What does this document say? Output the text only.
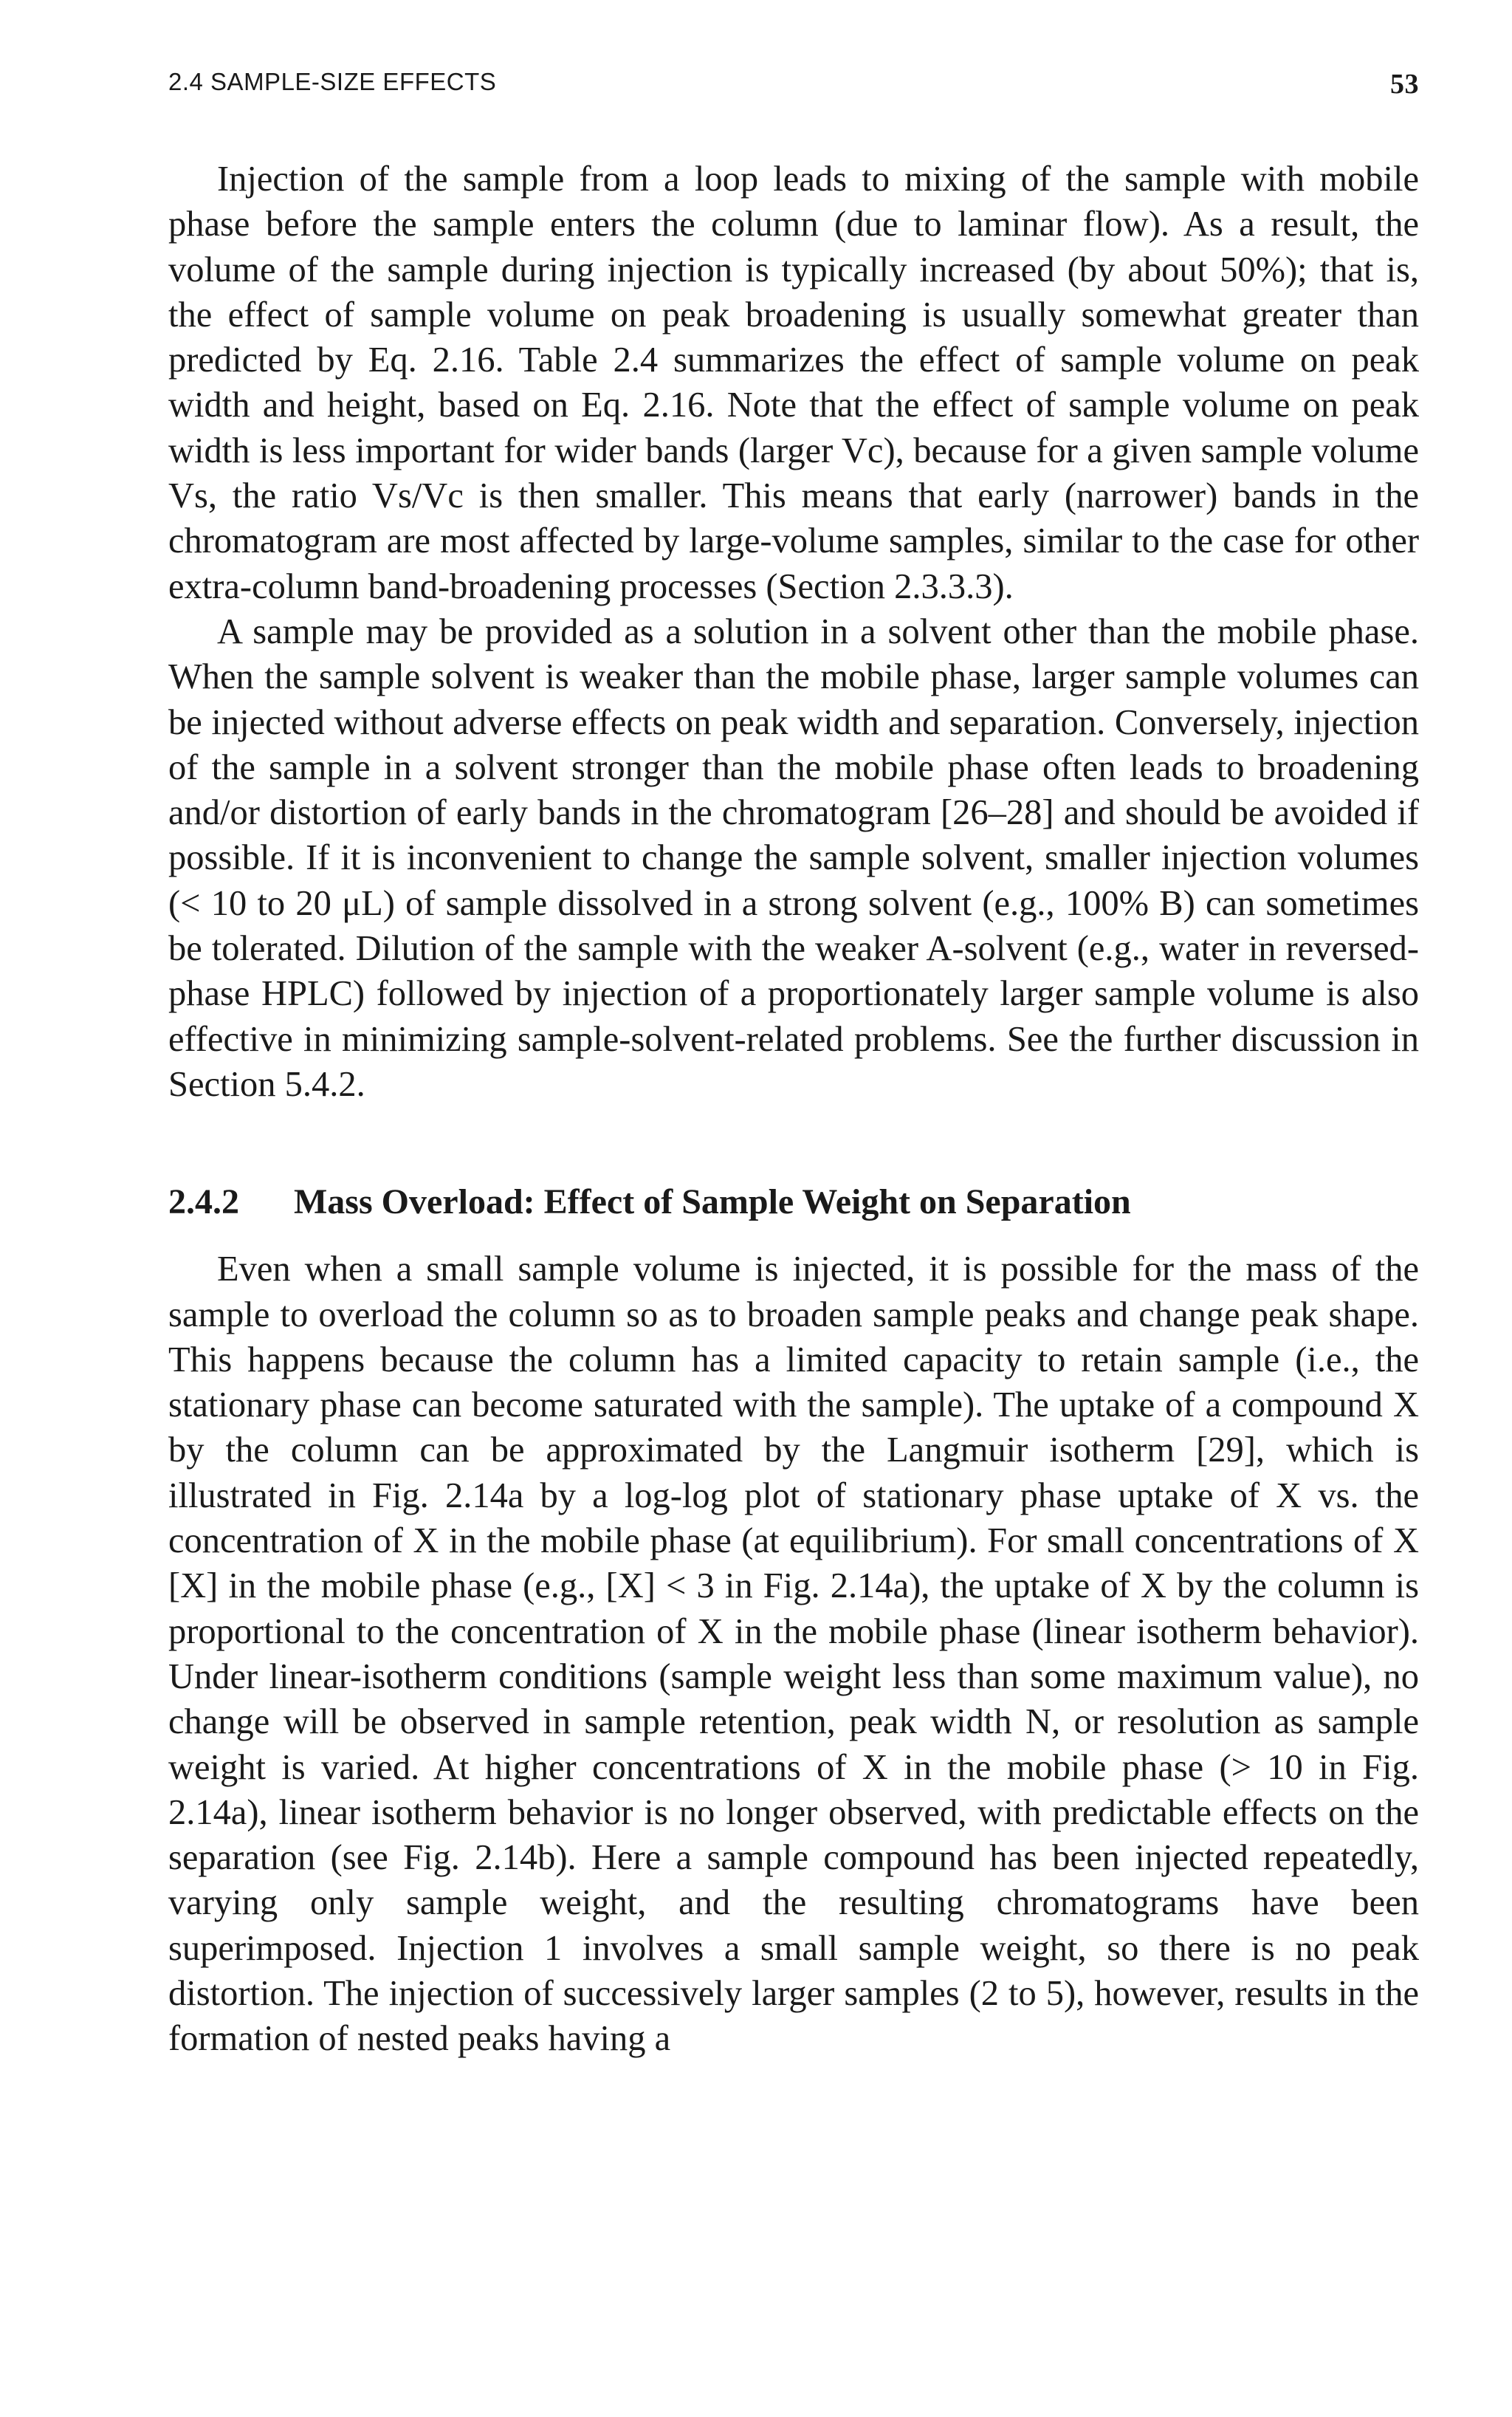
2.4 SAMPLE-SIZE EFFECTS	53

Injection of the sample from a loop leads to mixing of the sample with mobile phase before the sample enters the column (due to laminar flow). As a result, the volume of the sample during injection is typically increased (by about 50%); that is, the effect of sample volume on peak broadening is usually somewhat greater than predicted by Eq. 2.16. Table 2.4 summarizes the effect of sample volume on peak width and height, based on Eq. 2.16. Note that the effect of sample volume on peak width is less important for wider bands (larger Vc), because for a given sample volume Vs, the ratio Vs/Vc is then smaller. This means that early (narrower) bands in the chromatogram are most affected by large-volume samples, similar to the case for other extra-column band-broadening processes (Section 2.3.3.3).

A sample may be provided as a solution in a solvent other than the mobile phase. When the sample solvent is weaker than the mobile phase, larger sample volumes can be injected without adverse effects on peak width and separation. Conversely, injection of the sample in a solvent stronger than the mobile phase often leads to broadening and/or distortion of early bands in the chromatogram [26–28] and should be avoided if possible. If it is inconvenient to change the sample solvent, smaller injection volumes (< 10 to 20 μL) of sample dissolved in a strong solvent (e.g., 100% B) can sometimes be tolerated. Dilution of the sample with the weaker A-solvent (e.g., water in reversed-phase HPLC) followed by injection of a proportionately larger sample volume is also effective in minimizing sample-solvent-related problems. See the further discussion in Section 5.4.2.

2.4.2 Mass Overload: Effect of Sample Weight on Separation

Even when a small sample volume is injected, it is possible for the mass of the sample to overload the column so as to broaden sample peaks and change peak shape. This happens because the column has a limited capacity to retain sample (i.e., the stationary phase can become saturated with the sample). The uptake of a compound X by the column can be approximated by the Langmuir isotherm [29], which is illustrated in Fig. 2.14a by a log-log plot of stationary phase uptake of X vs. the concentration of X in the mobile phase (at equilibrium). For small concentrations of X [X] in the mobile phase (e.g., [X] < 3 in Fig. 2.14a), the uptake of X by the column is proportional to the concentration of X in the mobile phase (linear isotherm behavior). Under linear-isotherm conditions (sample weight less than some maximum value), no change will be observed in sample retention, peak width N, or resolution as sample weight is varied. At higher concentrations of X in the mobile phase (> 10 in Fig. 2.14a), linear isotherm behavior is no longer observed, with predictable effects on the separation (see Fig. 2.14b). Here a sample compound has been injected repeatedly, varying only sample weight, and the resulting chromatograms have been superimposed. Injection 1 involves a small sample weight, so there is no peak distortion. The injection of successively larger samples (2 to 5), however, results in the formation of nested peaks having a
